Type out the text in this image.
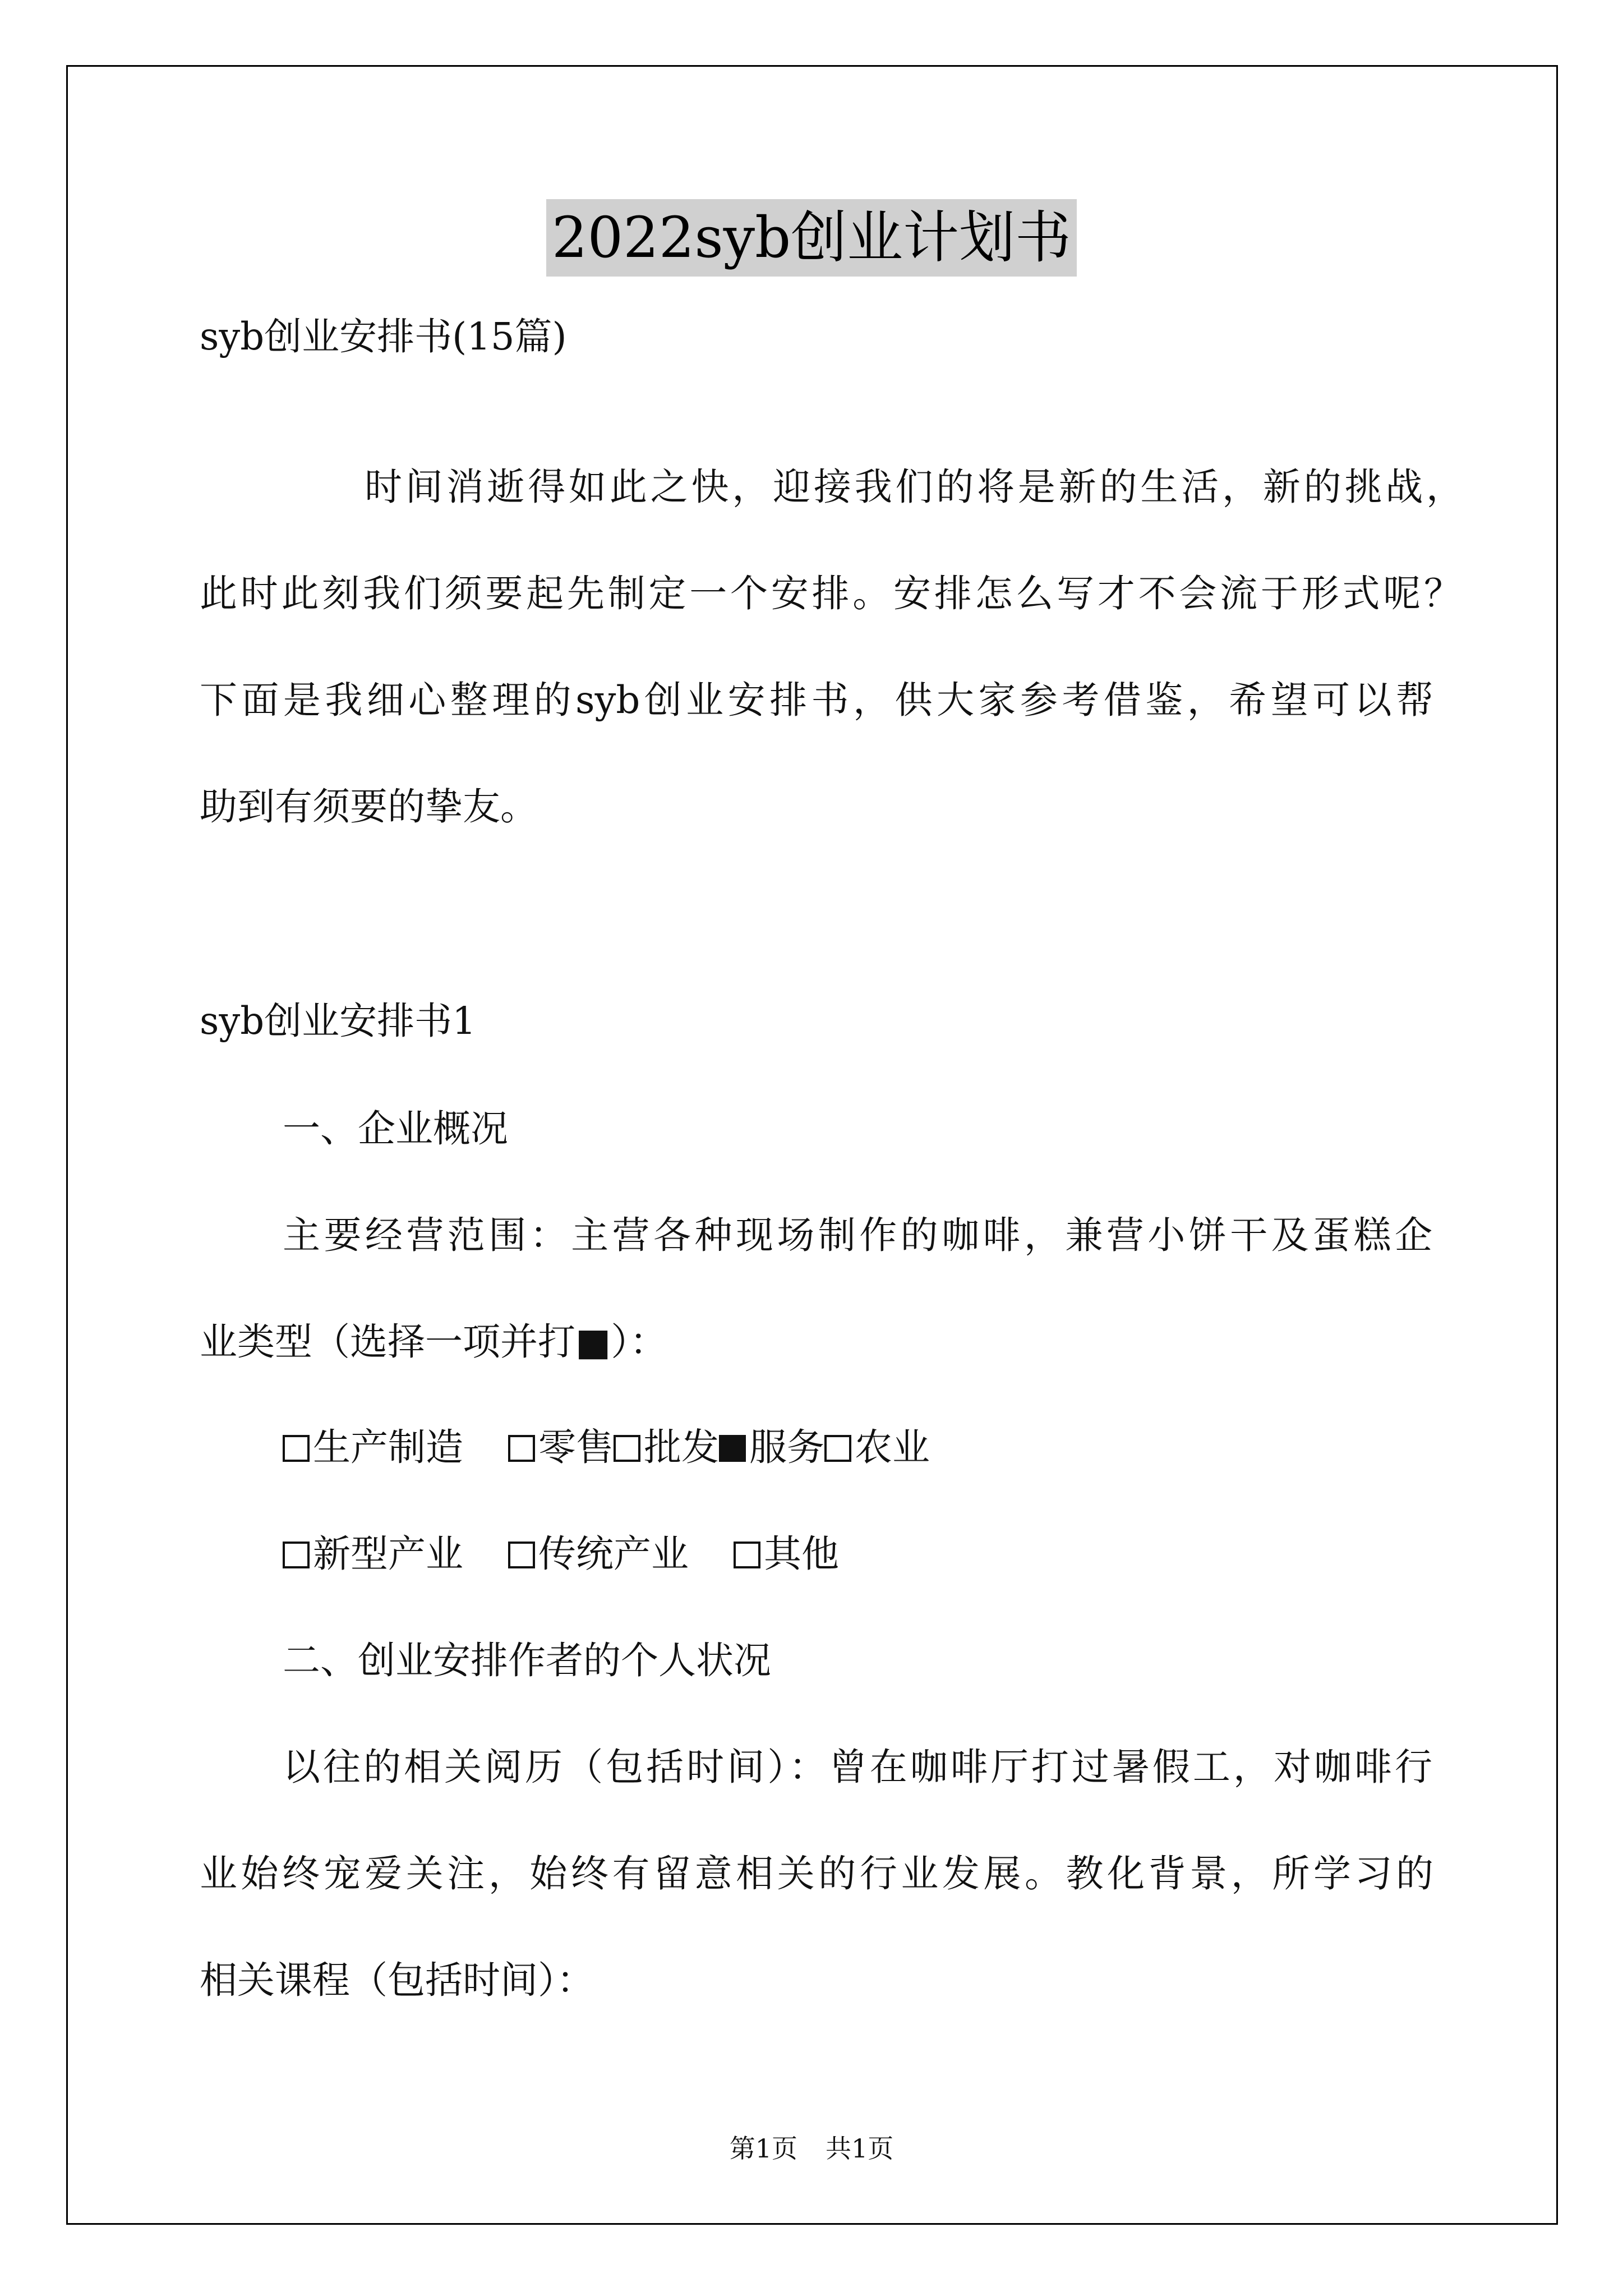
2022syb创业计划书
syb创业安排书(15篇)
时间消逝得如此之快，迎接我们的将是新的生活，新的挑战，
此时此刻我们须要起先制定一个安排。安排怎么写才不会流于形式呢？
下面是我细心整理的syb创业安排书，供大家参考借鉴，希望可以帮
助到有须要的挚友。
syb创业安排书1
一、企业概况
主要经营范围：主营各种现场制作的咖啡，兼营小饼干及蛋糕企
业类型（选择一项并打■）：
生产制造 零售 批发 服务 农业
新型产业 传统产业 其他
二、创业安排作者的个人状况
以往的相关阅历（包括时间）：曾在咖啡厅打过暑假工，对咖啡行
业始终宠爱关注，始终有留意相关的行业发展。教化背景，所学习的
相关课程（包括时间）：
第1页 共1页
